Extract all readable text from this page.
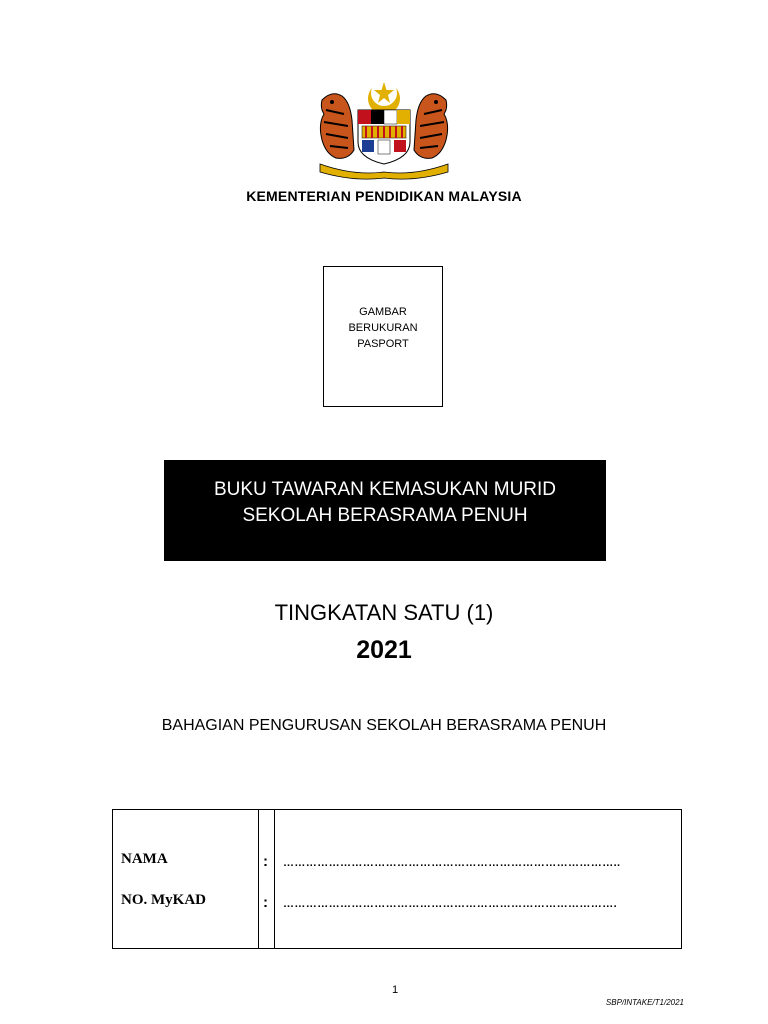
KEMENTERIAN PENDIDIKAN MALAYSIA
GAMBAR
BERUKURAN
PASPORT
BUKU TAWARAN KEMASUKAN MURID
SEKOLAH BERASRAMA PENUH
TINGKATAN SATU (1)
2021
BAHAGIAN PENGURUSAN SEKOLAH BERASRAMA PENUH
NAMA	: ……………………………………………………………………………..
NO. MyKAD	: …………………………………………………………………………….
1
SBP/INTAKE/T1/2021
